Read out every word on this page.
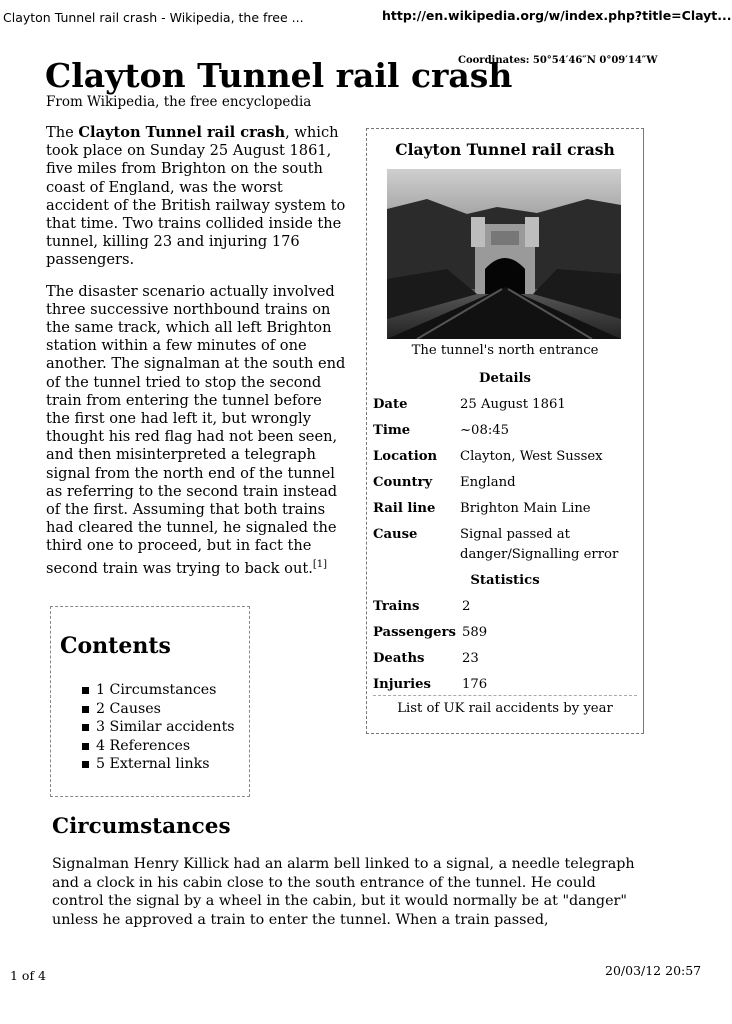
Clayton Tunnel rail crash - Wikipedia, the free ...	http://en.wikipedia.org/w/index.php?title=Clayt...
Clayton Tunnel rail crash
Coordinates: 50°54′46″N 0°09′14″W
From Wikipedia, the free encyclopedia

The Clayton Tunnel rail crash, which took place on Sunday 25 August 1861, five miles from Brighton on the south coast of England, was the worst accident of the British railway system to that time. Two trains collided inside the tunnel, killing 23 and injuring 176 passengers.

The disaster scenario actually involved three successive northbound trains on the same track, which all left Brighton station within a few minutes of one another. The signalman at the south end of the tunnel tried to stop the second train from entering the tunnel before the first one had left it, but wrongly thought his red flag had not been seen, and then misinterpreted a telegraph signal from the north end of the tunnel as referring to the second train instead of the first. Assuming that both trains had cleared the tunnel, he signaled the third one to proceed, but in fact the second train was trying to back out.[1]

Clayton Tunnel rail crash
The tunnel's north entrance
Details
Date	25 August 1861
Time	~08:45
Location Clayton, West Sussex
Country England
Rail line Brighton Main Line
Cause	Signal passed at danger/Signalling error
Statistics
Trains	2
Passengers 589
Deaths	23
Injuries 176
List of UK rail accidents by year
Contents
1 Circumstances
2 Causes
3 Similar accidents
4 References
5 External links
Circumstances
Signalman Henry Killick had an alarm bell linked to a signal, a needle telegraph and a clock in his cabin close to the south entrance of the tunnel. He could control the signal by a wheel in the cabin, but it would normally be at "danger" unless he approved a train to enter the tunnel. When a train passed,
1 of 4	20/03/12 20:57
